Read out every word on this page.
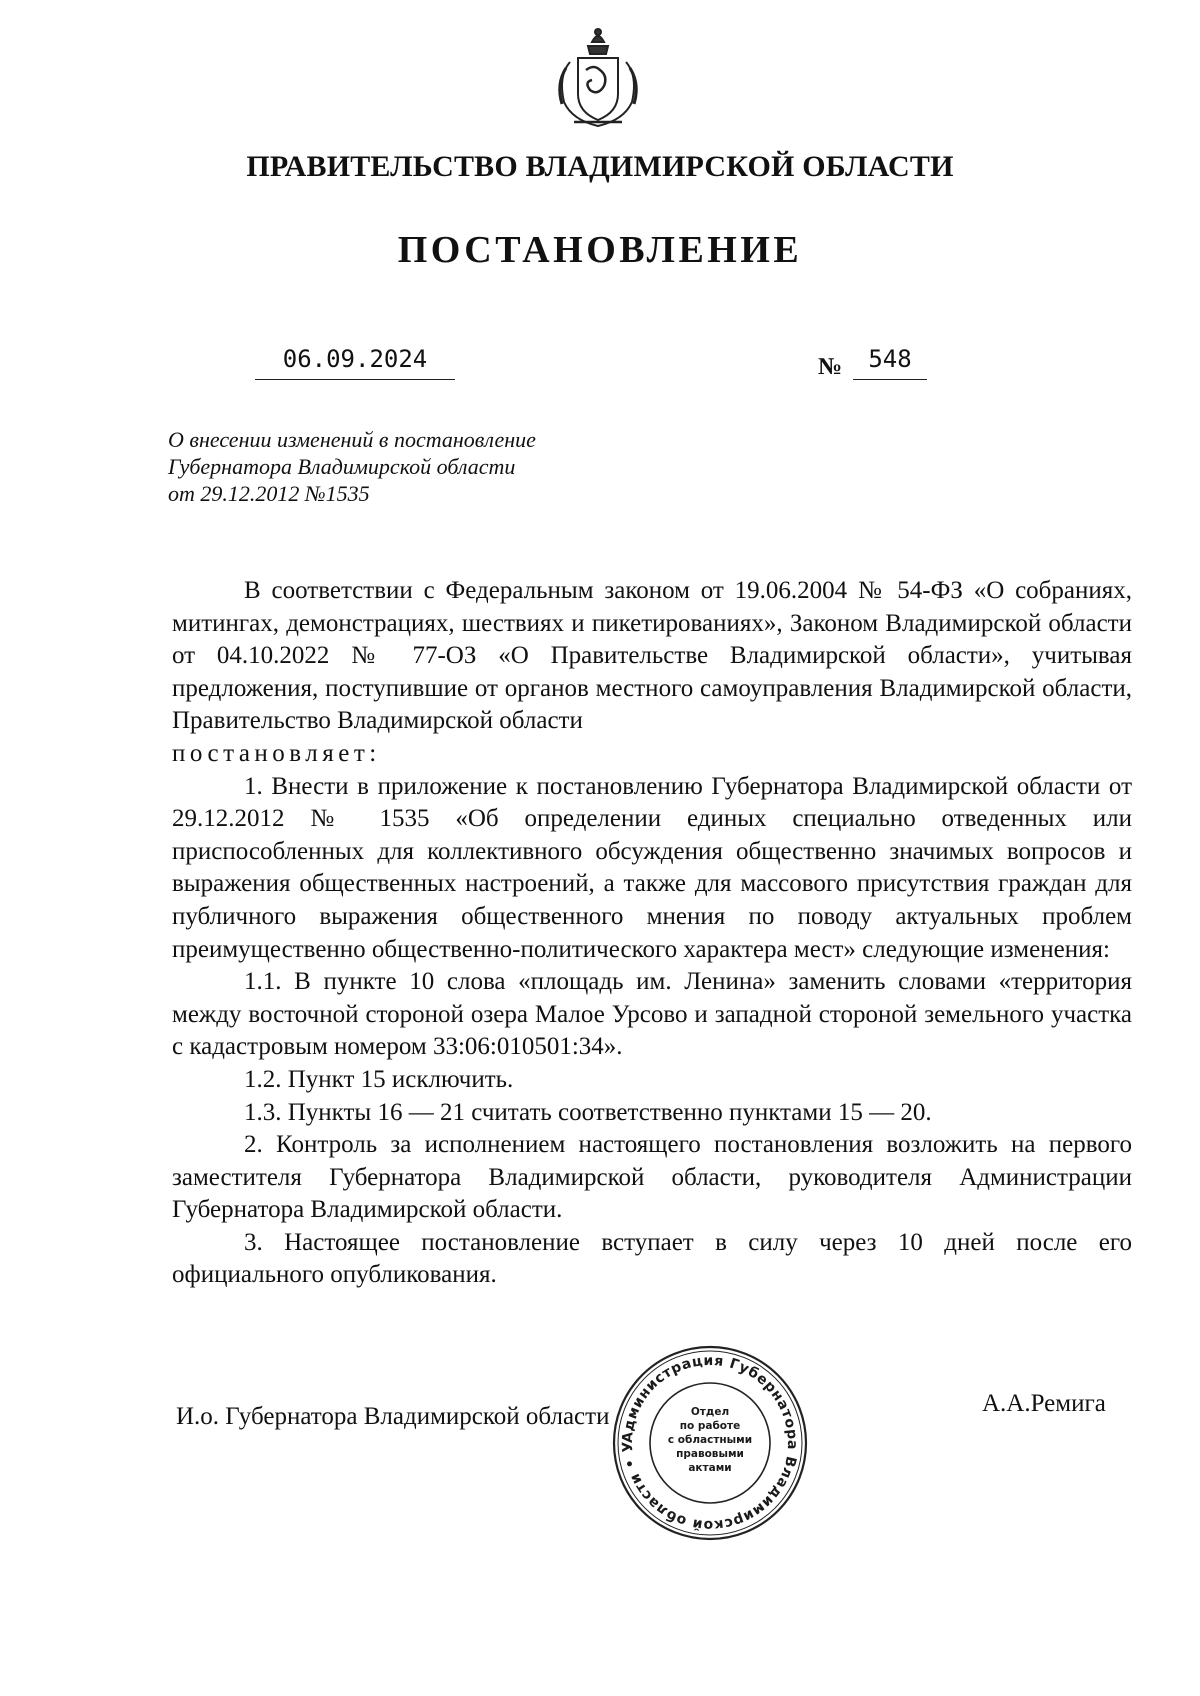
ПРАВИТЕЛЬСТВО ВЛАДИМИРСКОЙ ОБЛАСТИ
ПОСТАНОВЛЕНИЕ
06.09.2024	№	548
О внесении изменений в постановление
Губернатора Владимирской области
от 29.12.2012 №1535

В соответствии с Федеральным законом от 19.06.2004 № 54-ФЗ «О собраниях, митингах, демонстрациях, шествиях и пикетированиях», Законом Владимирской области от 04.10.2022 № 77-ОЗ «О Правительстве Владимирской области», учитывая предложения, поступившие от органов местного самоуправления Владимирской области, Правительство Владимирской области

постановляет:

1. Внести в приложение к постановлению Губернатора Владимирской области от 29.12.2012 № 1535 «Об определении единых специально отведенных или приспособленных для коллективного обсуждения общественно значимых вопросов и выражения общественных настроений, а также для массового присутствия граждан для публичного выражения общественного мнения по поводу актуальных проблем преимущественно общественно-политического характера мест» следующие изменения:

1.1. В пункте 10 слова «площадь им. Ленина» заменить словами «территория между восточной стороной озера Малое Урсово и западной стороной земельного участка с кадастровым номером 33:06:010501:34».

1.2. Пункт 15 исключить.

1.3. Пункты 16 — 21 считать соответственно пунктами 15 — 20.

2. Контроль за исполнением настоящего постановления возложить на первого заместителя Губернатора Владимирской области, руководителя Администрации Губернатора Владимирской области.

3. Настоящее постановление вступает в силу через 10 дней после его официального опубликования.

И.о. Губернатора Владимирской области	А.А.Ремига
Администрация Губернатора Владимирской области • У
Отдел
по работе
с областными
правовыми
актами
